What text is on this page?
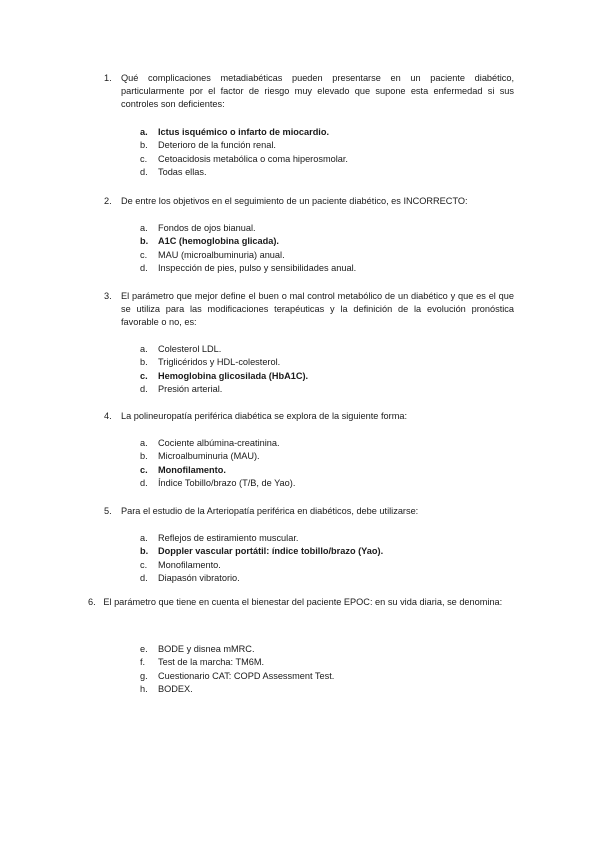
1.	Qué complicaciones metadiabéticas pueden presentarse en un paciente diabético, particularmente por el factor de riesgo muy elevado que supone esta enfermedad si sus controles son deficientes:
a. Ictus isquémico o infarto de miocardio.
b. Deterioro de la función renal.
c. Cetoacidosis metabólica o coma hiperosmolar.
d. Todas ellas.
2.	De entre los objetivos en el seguimiento de un paciente diabético, es INCORRECTO:
a. Fondos de ojos bianual.
b. A1C (hemoglobina glicada).
c. MAU (microalbuminuria) anual.
d. Inspección de pies, pulso y sensibilidades anual.
3.	El parámetro que mejor define el buen o mal control metabólico de un diabético y que es el que se utiliza para las modificaciones terapéuticas y la definición de la evolución pronóstica favorable o no, es:
a. Colesterol LDL.
b. Triglicéridos y HDL-colesterol.
c. Hemoglobina glicosilada (HbA1C).
d. Presión arterial.
4.	La polineuropatía periférica diabética se explora de la siguiente forma:
a. Cociente albúmina-creatinina.
b. Microalbuminuria (MAU).
c. Monofilamento.
d. Índice Tobillo/brazo (T/B, de Yao).
5.	Para el estudio de la Arteriopatía periférica en diabéticos, debe utilizarse:
a. Reflejos de estiramiento muscular.
b. Doppler vascular portátil: índice tobillo/brazo (Yao).
c. Monofilamento.
d. Diapasón vibratorio.
6. El parámetro que tiene en cuenta el bienestar del paciente EPOC: en su vida diaria, se denomina:
e. BODE y disnea mMRC.
f. Test de la marcha: TM6M.
g. Cuestionario CAT: COPD Assessment Test.
h. BODEX.
